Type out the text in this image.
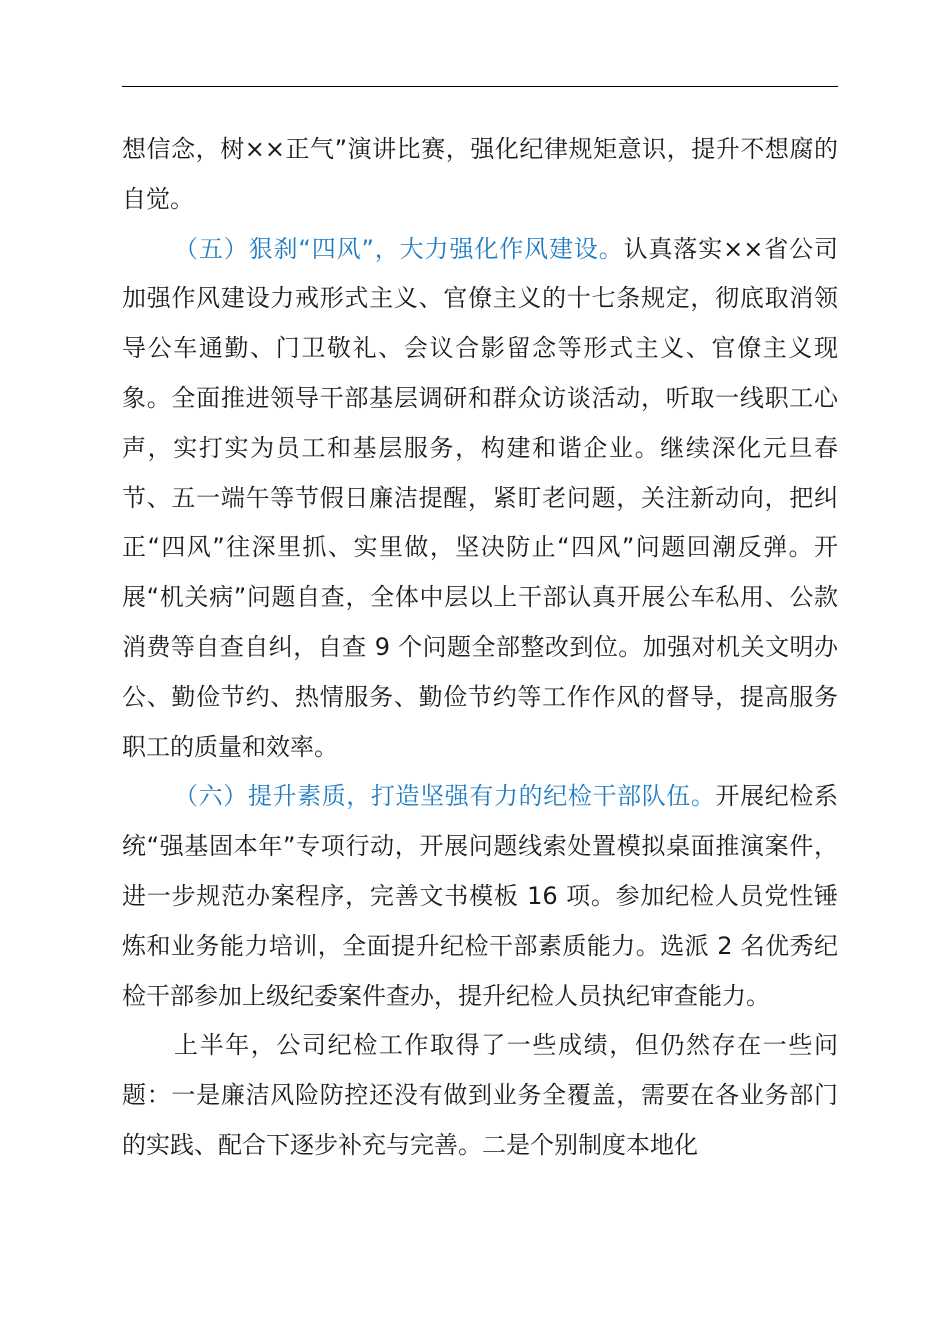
想信念，树××正气”演讲比赛，强化纪律规矩意识，提升不想腐的自觉。

（五）狠刹“四风”，大力强化作风建设。认真落实××省公司加强作风建设力戒形式主义、官僚主义的十七条规定，彻底取消领导公车通勤、门卫敬礼、会议合影留念等形式主义、官僚主义现象。全面推进领导干部基层调研和群众访谈活动，听取一线职工心声，实打实为员工和基层服务，构建和谐企业。继续深化元旦春节、五一端午等节假日廉洁提醒，紧盯老问题，关注新动向，把纠正“四风”往深里抓、实里做，坚决防止“四风”问题回潮反弹。开展“机关病”问题自查，全体中层以上干部认真开展公车私用、公款消费等自查自纠，自查 9 个问题全部整改到位。加强对机关文明办公、勤俭节约、热情服务、勤俭节约等工作作风的督导，提高服务职工的质量和效率。

（六）提升素质，打造坚强有力的纪检干部队伍。开展纪检系统“强基固本年”专项行动，开展问题线索处置模拟桌面推演案件，进一步规范办案程序，完善文书模板 16 项。参加纪检人员党性锤炼和业务能力培训，全面提升纪检干部素质能力。选派 2 名优秀纪检干部参加上级纪委案件查办，提升纪检人员执纪审查能力。

上半年，公司纪检工作取得了一些成绩，但仍然存在一些问题：一是廉洁风险防控还没有做到业务全覆盖，需要在各业务部门的实践、配合下逐步补充与完善。二是个别制度本地化
